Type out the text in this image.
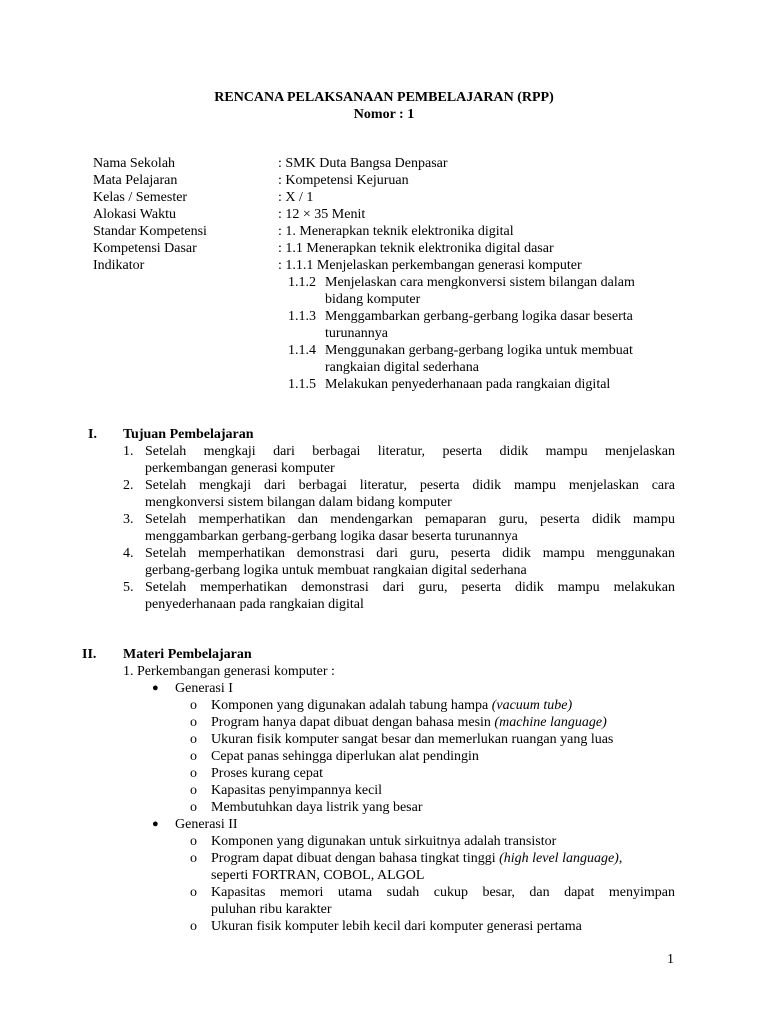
RENCANA PELAKSANAAN PEMBELAJARAN (RPP)
Nomor : 1
Nama Sekolah	: SMK Duta Bangsa Denpasar
Mata Pelajaran	: Kompetensi Kejuruan
Kelas / Semester	: X / 1
Alokasi Waktu	: 12 × 35 Menit
Standar Kompetensi	: 1. Menerapkan teknik elektronika digital
Kompetensi Dasar	: 1.1 Menerapkan teknik elektronika digital dasar
Indikator	: 1.1.1 Menjelaskan perkembangan generasi komputer
1.1.2 Menjelaskan cara mengkonversi sistem bilangan dalam
bidang komputer
1.1.3 Menggambarkan gerbang-gerbang logika dasar beserta
turunannya
1.1.4 Menggunakan gerbang-gerbang logika untuk membuat
rangkaian digital sederhana
1.1.5 Melakukan penyederhanaan pada rangkaian digital
I. Tujuan Pembelajaran
1. Setelah mengkaji dari berbagai literatur, peserta didik mampu menjelaskan
perkembangan generasi komputer
2. Setelah mengkaji dari berbagai literatur, peserta didik mampu menjelaskan cara
mengkonversi sistem bilangan dalam bidang komputer
3. Setelah memperhatikan dan mendengarkan pemaparan guru, peserta didik mampu
menggambarkan gerbang-gerbang logika dasar beserta turunannya
4. Setelah memperhatikan demonstrasi dari guru, peserta didik mampu menggunakan
gerbang-gerbang logika untuk membuat rangkaian digital sederhana
5. Setelah memperhatikan demonstrasi dari guru, peserta didik mampu melakukan
penyederhanaan pada rangkaian digital
II. Materi Pembelajaran
1. Perkembangan generasi komputer :
● Generasi I
o Komponen yang digunakan adalah tabung hampa (vacuum tube)
o Program hanya dapat dibuat dengan bahasa mesin (machine language)
o Ukuran fisik komputer sangat besar dan memerlukan ruangan yang luas
o Cepat panas sehingga diperlukan alat pendingin
o Proses kurang cepat
o Kapasitas penyimpannya kecil
o Membutuhkan daya listrik yang besar
● Generasi II
o Komponen yang digunakan untuk sirkuitnya adalah transistor
o Program dapat dibuat dengan bahasa tingkat tinggi (high level language),
seperti FORTRAN, COBOL, ALGOL
o Kapasitas memori utama sudah cukup besar, dan dapat menyimpan
puluhan ribu karakter
o Ukuran fisik komputer lebih kecil dari komputer generasi pertama
1
